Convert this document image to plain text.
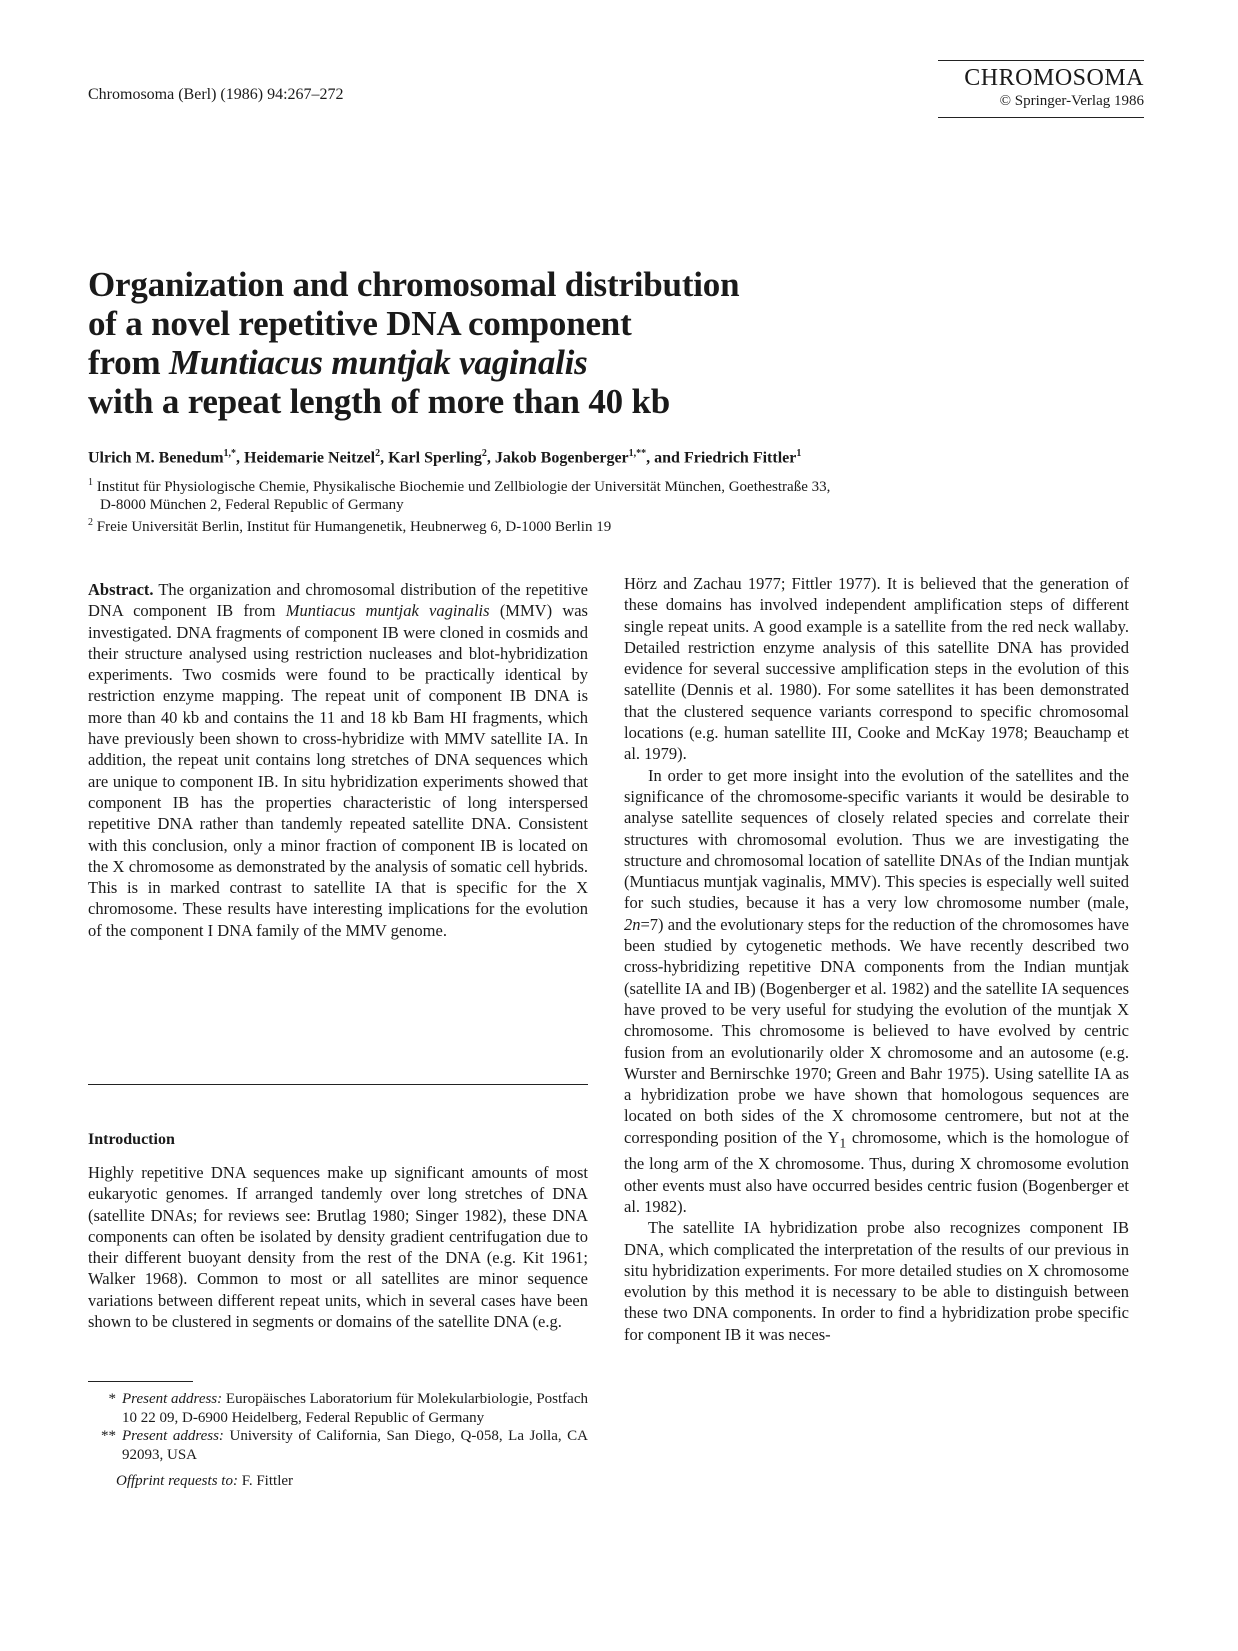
Chromosoma (Berl) (1986) 94:267–272
CHROMOSOMA
© Springer-Verlag 1986
Organization and chromosomal distribution
of a novel repetitive DNA component
from Muntiacus muntjak vaginalis
with a repeat length of more than 40 kb
Ulrich M. Benedum$^{1,*}$, Heidemarie Neitzel$^2$, Karl Sperling$^2$, Jakob Bogenberger$^{1,**}$, and Friedrich Fittler$^1$

$^1$ Institut für Physiologische Chemie, Physikalische Biochemie und Zellbiologie der Universität München, Goethestraße 33,

D-8000 München 2, Federal Republic of Germany

$^2$ Freie Universität Berlin, Institut für Humangenetik, Heubnerweg 6, D-1000 Berlin 19

Abstract. The organization and chromosomal distribution of the repetitive DNA component IB from Muntiacus muntjak vaginalis (MMV) was investigated. DNA fragments of component IB were cloned in cosmids and their structure analysed using restriction nucleases and blot-hybridization experiments. Two cosmids were found to be practically identical by restriction enzyme mapping. The repeat unit of component IB DNA is more than 40 kb and contains the 11 and 18 kb Bam HI fragments, which have previously been shown to cross-hybridize with MMV satellite IA. In addition, the repeat unit contains long stretches of DNA sequences which are unique to component IB. In situ hybridization experiments showed that component IB has the properties characteristic of long interspersed repetitive DNA rather than tandemly repeated satellite DNA. Consistent with this conclusion, only a minor fraction of component IB is located on the X chromosome as demonstrated by the analysis of somatic cell hybrids. This is in marked contrast to satellite IA that is specific for the X chromosome. These results have interesting implications for the evolution of the component I DNA family of the MMV genome.

Introduction

Highly repetitive DNA sequences make up significant amounts of most eukaryotic genomes. If arranged tandemly over long stretches of DNA (satellite DNAs; for reviews see: Brutlag 1980; Singer 1982), these DNA components can often be isolated by density gradient centrifugation due to their different buoyant density from the rest of the DNA (e.g. Kit 1961; Walker 1968). Common to most or all satellites are minor sequence variations between different repeat units, which in several cases have been shown to be clustered in segments or domains of the satellite DNA (e.g.

* Present address: Europäisches Laboratorium für Molekularbiologie, Postfach 10 22 09, D-6900 Heidelberg, Federal Republic of Germany
** Present address: University of California, San Diego, Q-058, La Jolla, CA 92093, USA
Offprint requests to: F. Fittler

Hörz and Zachau 1977; Fittler 1977). It is believed that the generation of these domains has involved independent amplification steps of different single repeat units. A good example is a satellite from the red neck wallaby. Detailed restriction enzyme analysis of this satellite DNA has provided evidence for several successive amplification steps in the evolution of this satellite (Dennis et al. 1980). For some satellites it has been demonstrated that the clustered sequence variants correspond to specific chromosomal locations (e.g. human satellite III, Cooke and McKay 1978; Beauchamp et al. 1979).

In order to get more insight into the evolution of the satellites and the significance of the chromosome-specific variants it would be desirable to analyse satellite sequences of closely related species and correlate their structures with chromosomal evolution. Thus we are investigating the structure and chromosomal location of satellite DNAs of the Indian muntjak (Muntiacus muntjak vaginalis, MMV). This species is especially well suited for such studies, because it has a very low chromosome number (male, 2n=7) and the evolutionary steps for the reduction of the chromosomes have been studied by cytogenetic methods. We have recently described two cross-hybridizing repetitive DNA components from the Indian muntjak (satellite IA and IB) (Bogenberger et al. 1982) and the satellite IA sequences have proved to be very useful for studying the evolution of the muntjak X chromosome. This chromosome is believed to have evolved by centric fusion from an evolutionarily older X chromosome and an autosome (e.g. Wurster and Bernirschke 1970; Green and Bahr 1975). Using satellite IA as a hybridization probe we have shown that homologous sequences are located on both sides of the X chromosome centromere, but not at the corresponding position of the $Y_1$ chromosome, which is the homologue of the long arm of the X chromosome. Thus, during X chromosome evolution other events must also have occurred besides centric fusion (Bogenberger et al. 1982).

The satellite IA hybridization probe also recognizes component IB DNA, which complicated the interpretation of the results of our previous in situ hybridization experiments. For more detailed studies on X chromosome evolution by this method it is necessary to be able to distinguish between these two DNA components. In order to find a hybridization probe specific for component IB it was neces-
